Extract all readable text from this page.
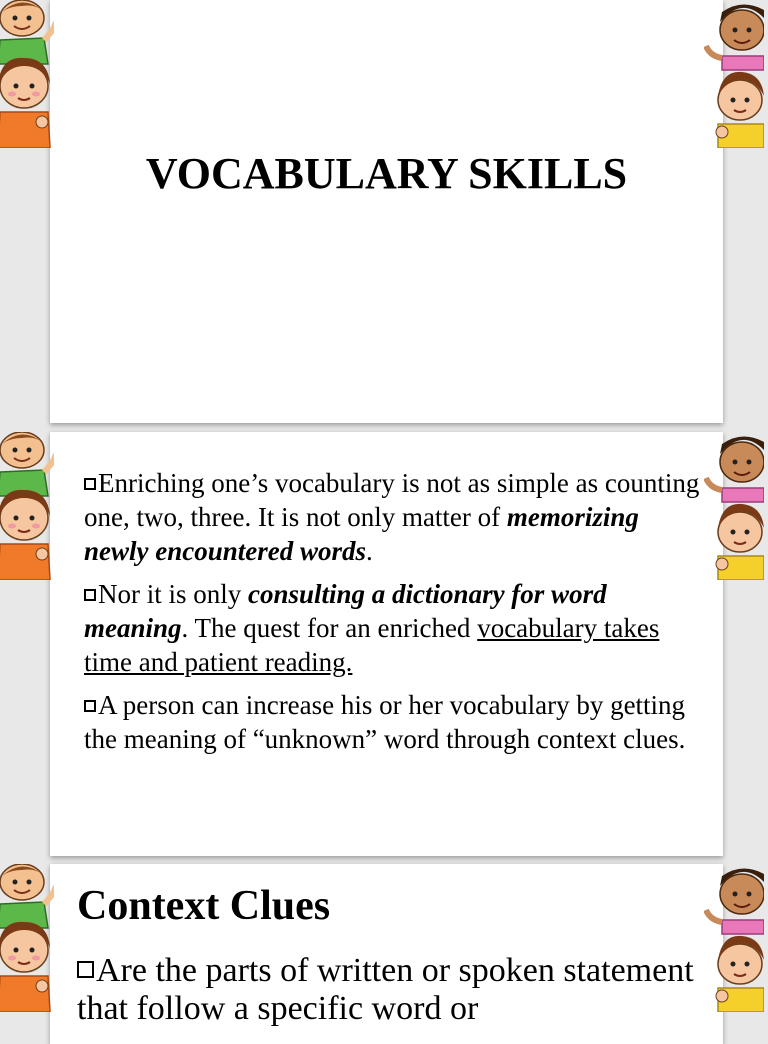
VOCABULARY SKILLS
Enriching one’s vocabulary is not as simple as counting one, two, three. It is not only matter of memorizing newly encountered words.
Nor it is only consulting a dictionary for word meaning. The quest for an enriched vocabulary takes time and patient reading.
A person can increase his or her vocabulary by getting the meaning of “unknown” word through context clues.
Context Clues
Are the parts of written or spoken statement that follow a specific word or
